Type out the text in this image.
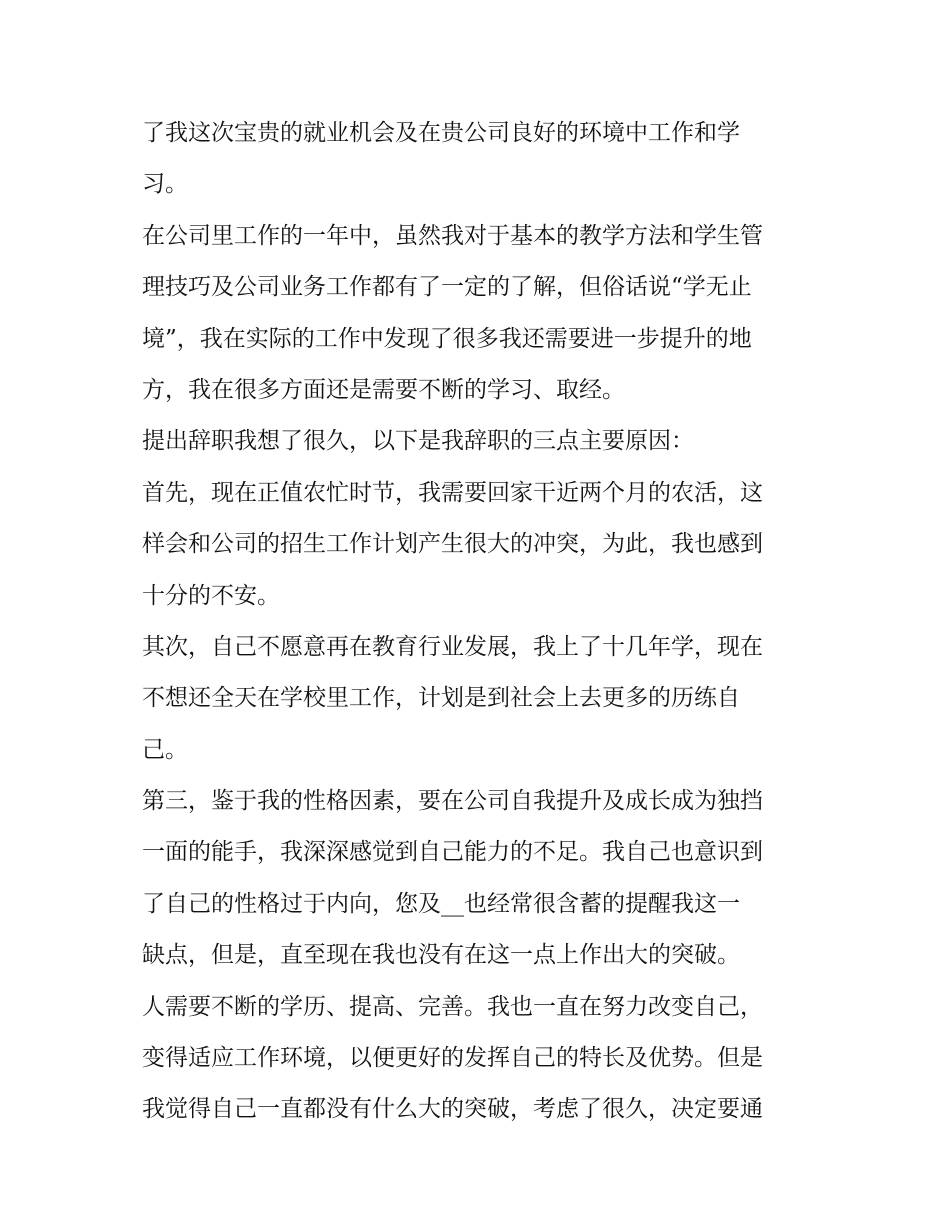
了我这次宝贵的就业机会及在贵公司良好的环境中工作和学
习。
在公司里工作的一年中，虽然我对于基本的教学方法和学生管
理技巧及公司业务工作都有了一定的了解，但俗话说“学无止
境”，我在实际的工作中发现了很多我还需要进一步提升的地
方，我在很多方面还是需要不断的学习、取经。
提出辞职我想了很久，以下是我辞职的三点主要原因：
首先，现在正值农忙时节，我需要回家干近两个月的农活，这
样会和公司的招生工作计划产生很大的冲突，为此，我也感到
十分的不安。
其次，自己不愿意再在教育行业发展，我上了十几年学，现在
不想还全天在学校里工作，计划是到社会上去更多的历练自
己。
第三，鉴于我的性格因素，要在公司自我提升及成长成为独挡
一面的能手，我深深感觉到自己能力的不足。我自己也意识到
了自己的性格过于内向，您及__也经常很含蓄的提醒我这一
缺点，但是，直至现在我也没有在这一点上作出大的突破。
人需要不断的学历、提高、完善。我也一直在努力改变自己，
变得适应工作环境，以便更好的发挥自己的特长及优势。但是
我觉得自己一直都没有什么大的突破，考虑了很久，决定要通
